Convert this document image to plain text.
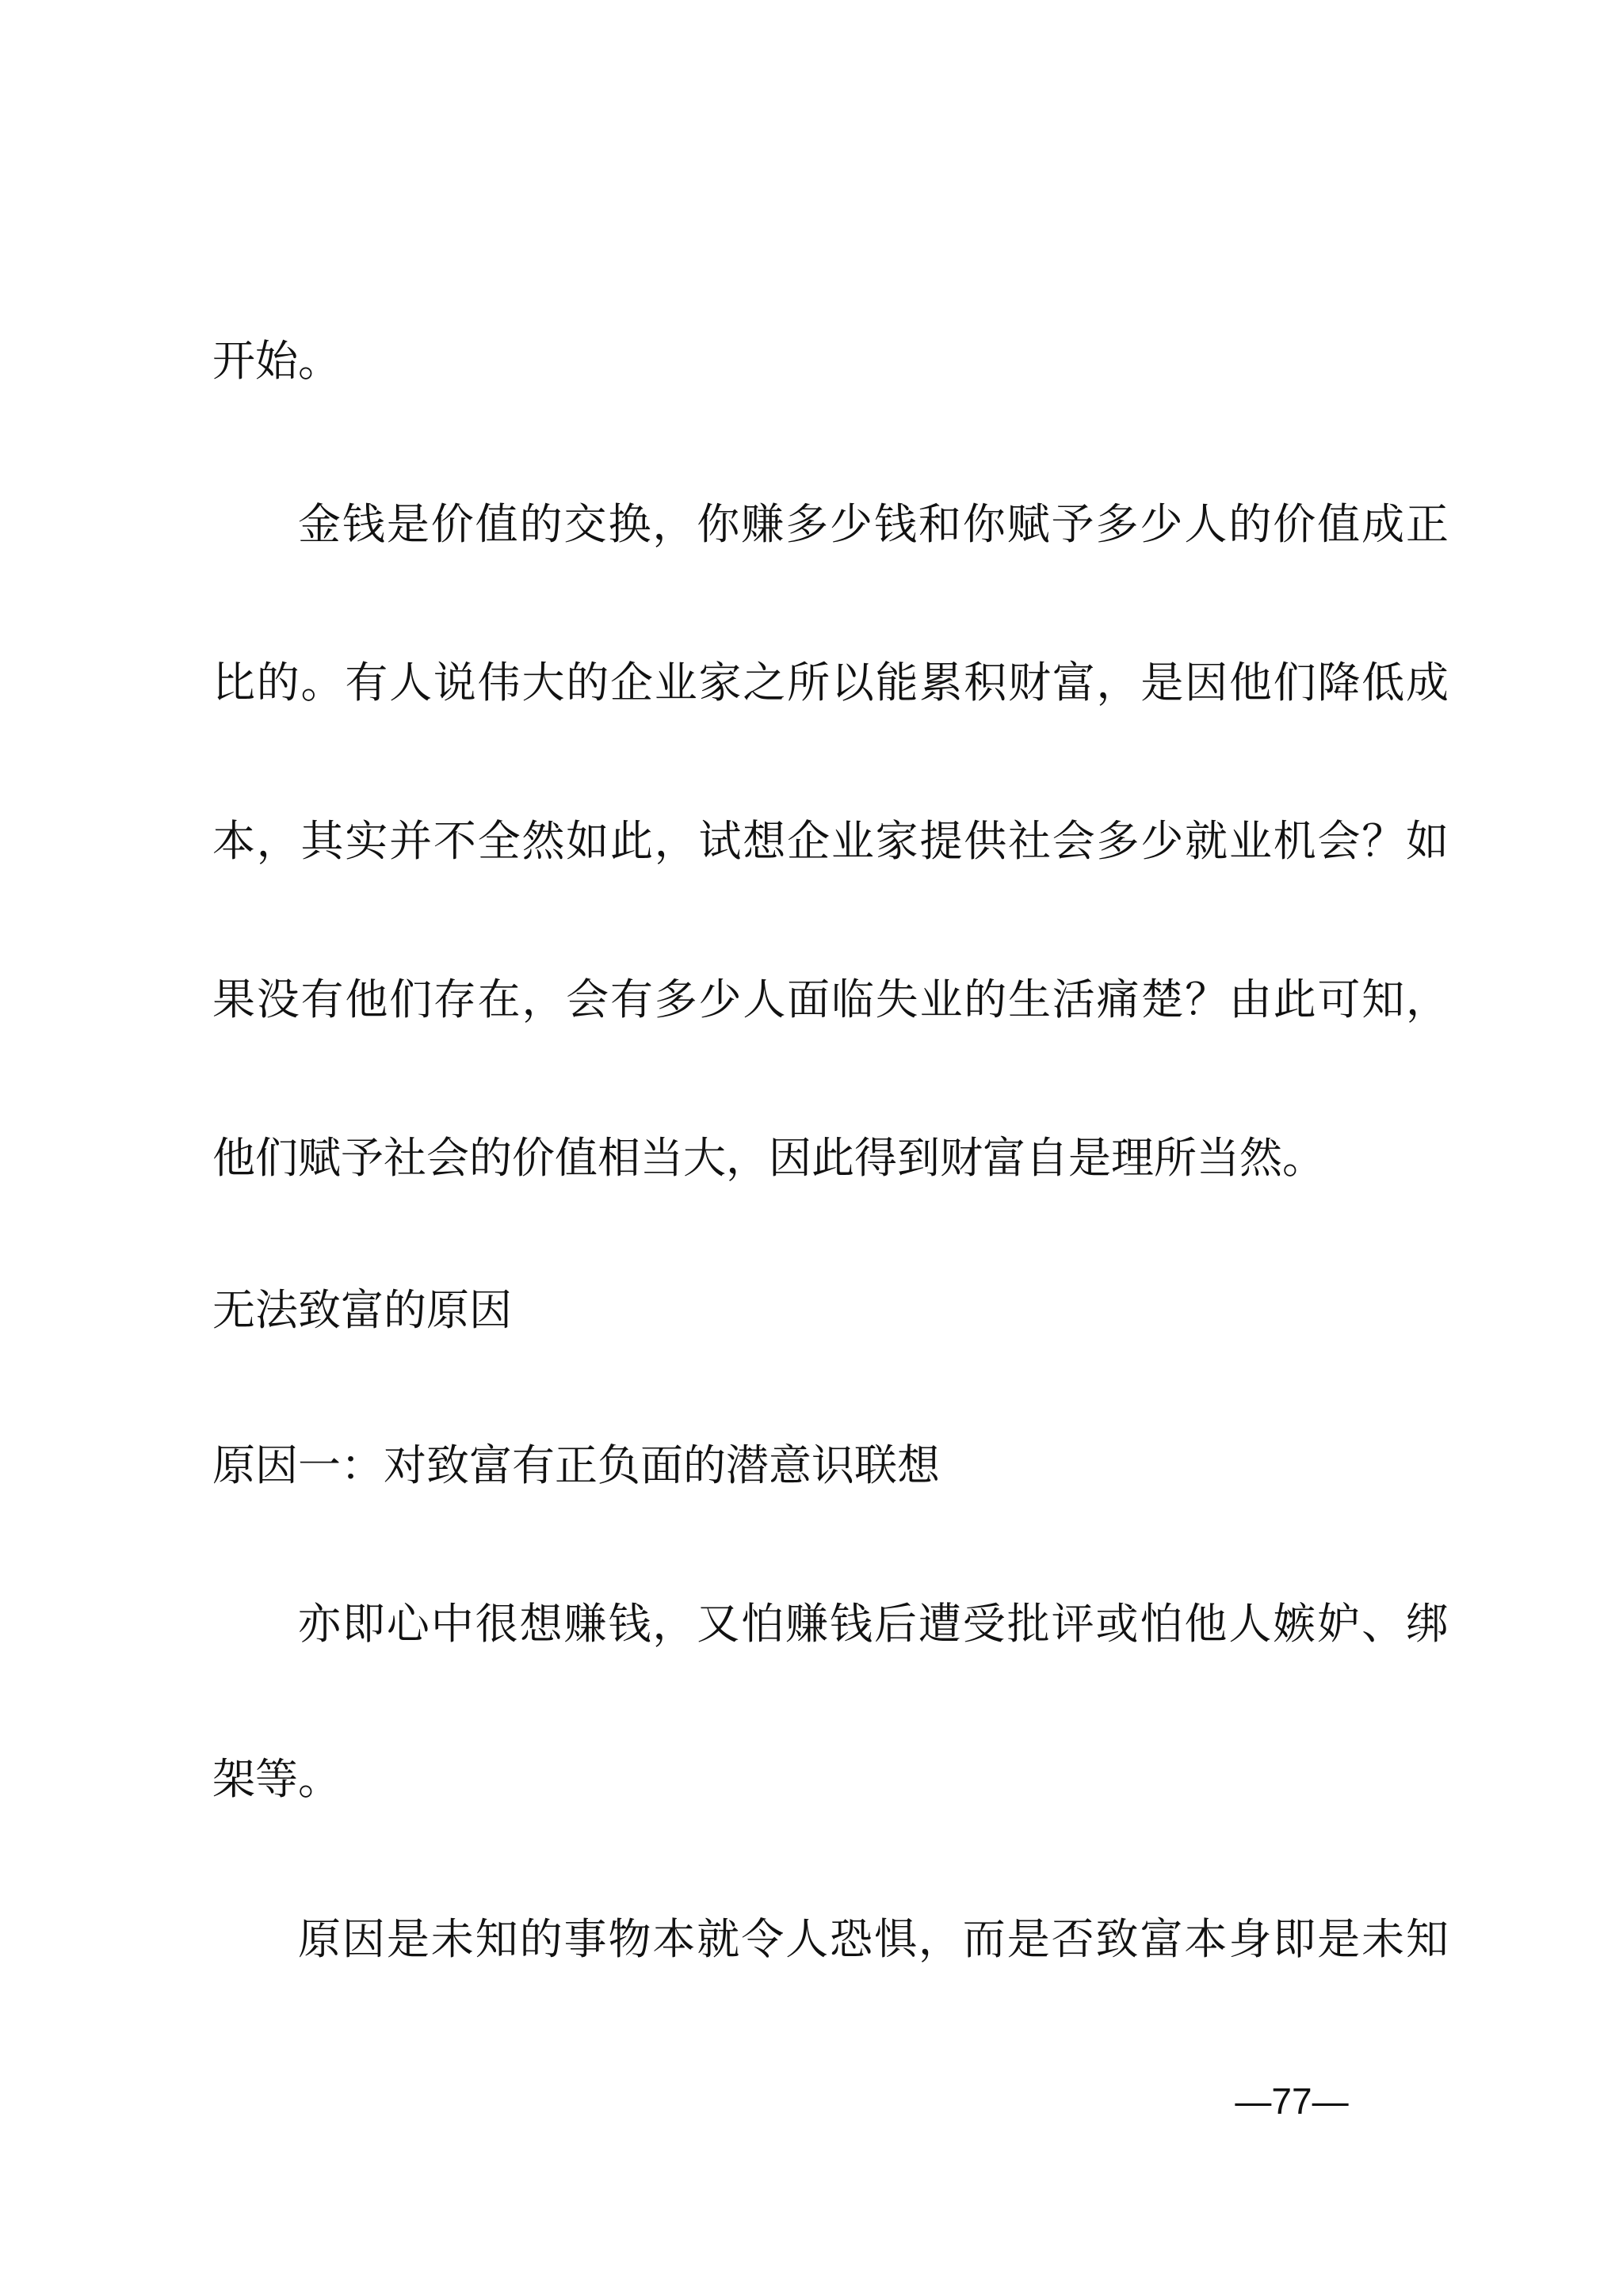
开始。
金钱是价值的交换，你赚多少钱和你赋予多少人的价值成正
比的。有人说伟大的企业家之所以能累积财富，是因他们降低成
本，其实并不全然如此，试想企业家提供社会多少就业机会？如
果没有他们存在，会有多少人面临失业的生活痛楚？由此可知，
他们赋予社会的价值相当大，因此得到财富自是理所当然。
无法致富的原因
原因一：对致富有正负面的潜意识联想
亦即心中很想赚钱，又怕赚钱后遭受批评或怕他人嫉妒、绑
架等。
原因是未知的事物本就令人恐惧，而是否致富本身即是未知
—77—
